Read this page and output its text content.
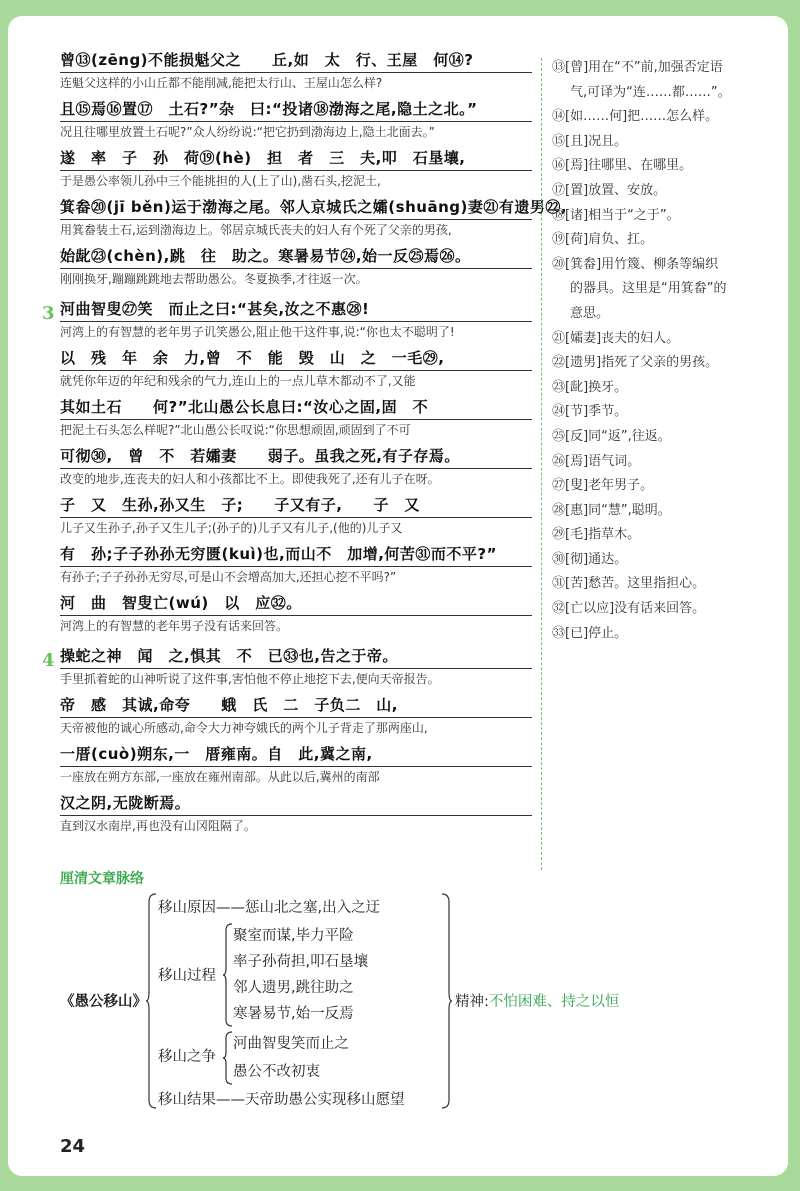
曾⑬(zēng)不能损魁父之　　丘,如　太　行、王屋　何⑭?
连魁父这样的小山丘都不能削减,能把太行山、王屋山怎么样?
且⑮焉⑯置⑰　土石?”杂　曰:“投诸⑱渤海之尾,隐土之北。”
况且往哪里放置土石呢?”众人纷纷说:“把它扔到渤海边上,隐土北面去。”
遂　率　子　孙　荷⑲(hè)　担　者　三　夫,叩　石垦壤,
于是愚公率领儿孙中三个能挑担的人(上了山),凿石头,挖泥土,
箕畚⑳(jī běn)运于渤海之尾。邻人京城氏之孀(shuāng)妻㉑有遗男㉒,
用箕畚装土石,运到渤海边上。邻居京城氏丧夫的妇人有个死了父亲的男孩,
始龀㉓(chèn),跳　往　助之。寒暑易节㉔,始一反㉕焉㉖。
刚刚换牙,蹦蹦跳跳地去帮助愚公。冬夏换季,才往返一次。
3 河曲智叟㉗笑　而止之曰:“甚矣,汝之不惠㉘!
河湾上的有智慧的老年男子讥笑愚公,阻止他干这件事,说:“你也太不聪明了!
以　残　年　余　力,曾　不　能　毁　山　之　一毛㉙,
就凭你年迈的年纪和残余的气力,连山上的一点儿草木都动不了,又能
其如土石　　何?”北山愚公长息曰:“汝心之固,固　不
把泥土石头怎么样呢?”北山愚公长叹说:“你思想顽固,顽固到了不可
可彻㉚,　曾　不　若孀妻　　弱子。虽我之死,有子存焉。
改变的地步,连丧夫的妇人和小孩都比不上。即使我死了,还有儿子在呀。
子　又　生孙,孙又生　子;　　子又有子,　　子　又
儿子又生孙子,孙子又生儿子;(孙子的)儿子又有儿子,(他的)儿子又
有　孙;子子孙孙无穷匮(kuì)也,而山不　加增,何苦㉛而不平?”
有孙子;子子孙孙无穷尽,可是山不会增高加大,还担心挖不平吗?”
河　曲　智叟亡(wú)　以　应㉜。
河湾上的有智慧的老年男子没有话来回答。
4 操蛇之神　闻　之,惧其　不　已㉝也,告之于帝。
手里抓着蛇的山神听说了这件事,害怕他不停止地挖下去,便向天帝报告。
帝　感　其诚,命夸　　蛾　氏　二　子负二　山,
天帝被他的诚心所感动,命令大力神夸娥氏的两个儿子背走了那两座山,
一厝(cuò)朔东,一　厝雍南。自　此,冀之南,
一座放在朔方东部,一座放在雍州南部。从此以后,冀州的南部
汉之阴,无陇断焉。
直到汉水南岸,再也没有山冈阻隔了。
⑬[曾]用在“不”前,加强否定语
气,可译为“连……都……”。
⑭[如……何]把……怎么样。
⑮[且]况且。
⑯[焉]往哪里、在哪里。
⑰[置]放置、安放。
⑱[诸]相当于“之于”。
⑲[荷]肩负、扛。
⑳[箕畚]用竹篾、柳条等编织
的器具。这里是“用箕畚”的
意思。
㉑[孀妻]丧夫的妇人。
㉒[遗男]指死了父亲的男孩。
㉓[龀]换牙。
㉔[节]季节。
㉕[反]同“返”,往返。
㉖[焉]语气词。
㉗[叟]老年男子。
㉘[惠]同“慧”,聪明。
㉙[毛]指草木。
㉚[彻]通达。
㉛[苦]愁苦。这里指担心。
㉜[亡以应]没有话来回答。
㉝[已]停止。
厘清文章脉络
《愚公移山》
移山原因——惩山北之塞,出入之迂
移山过程
聚室而谋,毕力平险
率子孙荷担,叩石垦壤
邻人遗男,跳往助之
寒暑易节,始一反焉
移山之争
河曲智叟笑而止之
愚公不改初衷
移山结果——天帝助愚公实现移山愿望
精神:不怕困难、持之以恒
24
